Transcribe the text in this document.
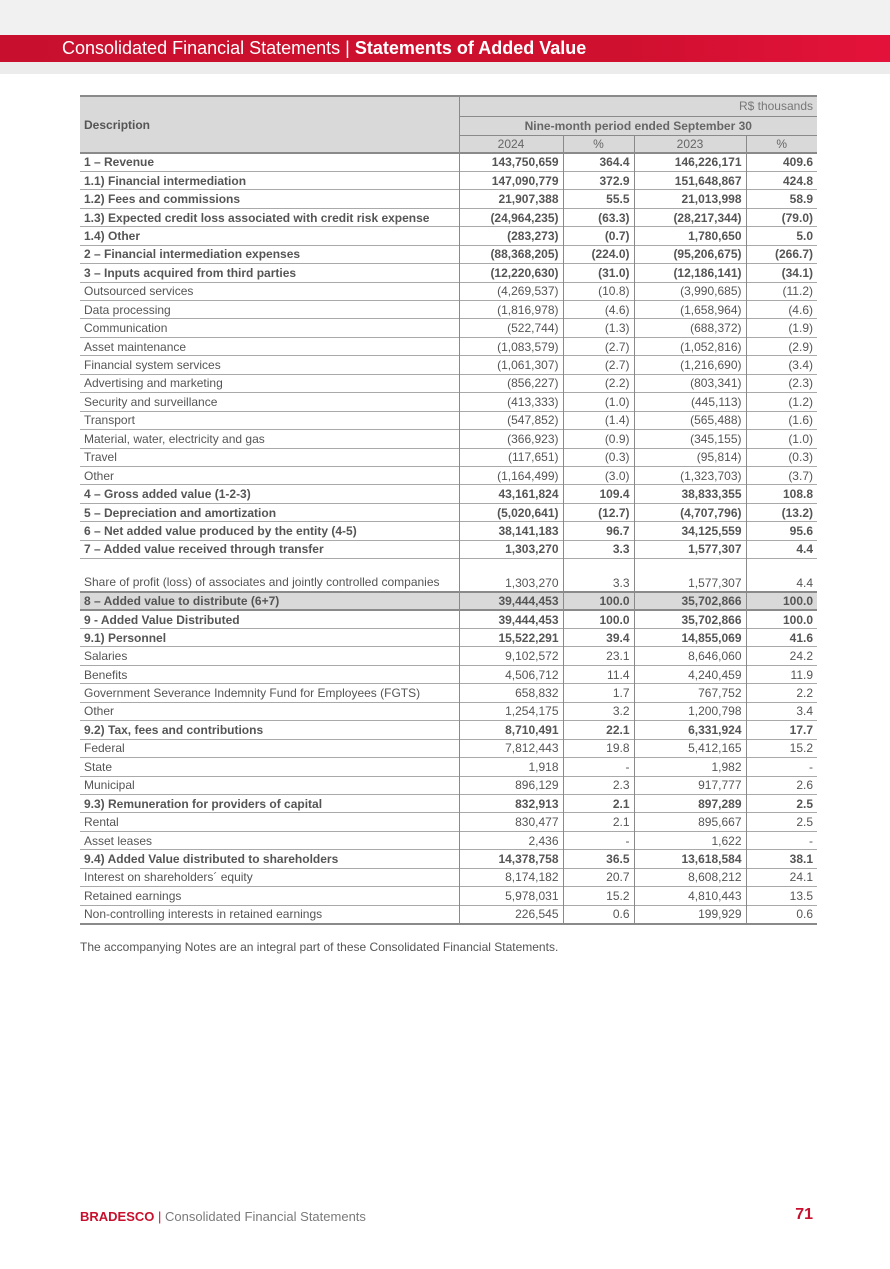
Consolidated Financial Statements | Statements of Added Value
Description	R$ thousands			
	Nine-month period ended September 30			
	2024	%	2023	%
1 – Revenue	143,750,659	364.4	146,226,171	409.6
1.1) Financial intermediation	147,090,779	372.9	151,648,867	424.8
1.2) Fees and commissions	21,907,388	55.5	21,013,998	58.9
1.3) Expected credit loss associated with credit risk expense	(24,964,235)	(63.3)	(28,217,344)	(79.0)
1.4) Other	(283,273)	(0.7)	1,780,650	5.0
2 – Financial intermediation expenses	(88,368,205)	(224.0)	(95,206,675)	(266.7)
3 – Inputs acquired from third parties	(12,220,630)	(31.0)	(12,186,141)	(34.1)
Outsourced services	(4,269,537)	(10.8)	(3,990,685)	(11.2)
Data processing	(1,816,978)	(4.6)	(1,658,964)	(4.6)
Communication	(522,744)	(1.3)	(688,372)	(1.9)
Asset maintenance	(1,083,579)	(2.7)	(1,052,816)	(2.9)
Financial system services	(1,061,307)	(2.7)	(1,216,690)	(3.4)
Advertising and marketing	(856,227)	(2.2)	(803,341)	(2.3)
Security and surveillance	(413,333)	(1.0)	(445,113)	(1.2)
Transport	(547,852)	(1.4)	(565,488)	(1.6)
Material, water, electricity and gas	(366,923)	(0.9)	(345,155)	(1.0)
Travel	(117,651)	(0.3)	(95,814)	(0.3)
Other	(1,164,499)	(3.0)	(1,323,703)	(3.7)
4 – Gross added value (1-2-3)	43,161,824	109.4	38,833,355	108.8
5 – Depreciation and amortization	(5,020,641)	(12.7)	(4,707,796)	(13.2)
6 – Net added value produced by the entity (4-5)	38,141,183	96.7	34,125,559	95.6
7 – Added value received through transfer	1,303,270	3.3	1,577,307	4.4
Share of profit (loss) of associates and jointly controlled companies	1,303,270	3.3	1,577,307	4.4
8 – Added value to distribute (6+7)	39,444,453	100.0	35,702,866	100.0
9 - Added Value Distributed	39,444,453	100.0	35,702,866	100.0
9.1) Personnel	15,522,291	39.4	14,855,069	41.6
Salaries	9,102,572	23.1	8,646,060	24.2
Benefits	4,506,712	11.4	4,240,459	11.9
Government Severance Indemnity Fund for Employees (FGTS)	658,832	1.7	767,752	2.2
Other	1,254,175	3.2	1,200,798	3.4
9.2) Tax, fees and contributions	8,710,491	22.1	6,331,924	17.7
Federal	7,812,443	19.8	5,412,165	15.2
State	1,918	-	1,982	-
Municipal	896,129	2.3	917,777	2.6
9.3) Remuneration for providers of capital	832,913	2.1	897,289	2.5
Rental	830,477	2.1	895,667	2.5
Asset leases	2,436	-	1,622	-
9.4) Added Value distributed to shareholders	14,378,758	36.5	13,618,584	38.1
Interest on shareholders´ equity	8,174,182	20.7	8,608,212	24.1
Retained earnings	5,978,031	15.2	4,810,443	13.5
Non-controlling interests in retained earnings	226,545	0.6	199,929	0.6
The accompanying Notes are an integral part of these Consolidated Financial Statements.
BRADESCO | Consolidated Financial Statements	71
